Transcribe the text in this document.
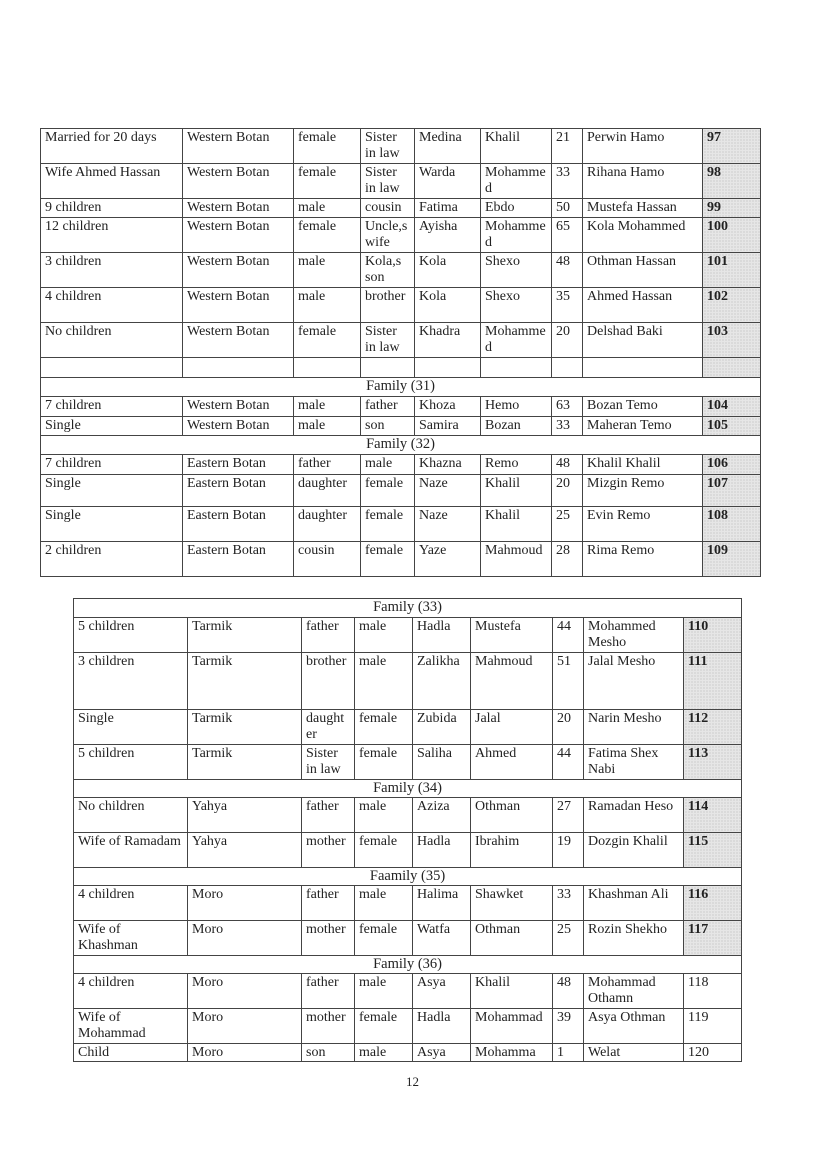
Married for 20 days	Western Botan	female	Sister in law	Medina	Khalil	21	Perwin Hamo	97
Wife Ahmed Hassan	Western Botan	female	Sister in law	Warda	Mohammed	33	Rihana Hamo	98
9 children	Western Botan	male	cousin	Fatima	Ebdo	50	Mustefa Hassan	99
12 children	Western Botan	female	Uncle,s wife	Ayisha	Mohammed	65	Kola Mohammed	100
3 children	Western Botan	male	Kola,s son	Kola	Shexo	48	Othman Hassan	101
4 children	Western Botan	male	brother	Kola	Shexo	35	Ahmed Hassan	102
No children	Western Botan	female	Sister in law	Khadra	Mohammed	20	Delshad Baki	103

Family (31)								
7 children	Western Botan	male	father	Khoza	Hemo	63	Bozan Temo	104
Single	Western Botan	male	son	Samira	Bozan	33	Maheran Temo	105
Family (32)								
7 children	Eastern Botan	father	male	Khazna	Remo	48	Khalil Khalil	106
Single	Eastern Botan	daughter	female	Naze	Khalil	20	Mizgin Remo	107
Single	Eastern Botan	daughter	female	Naze	Khalil	25	Evin Remo	108
2 children	Eastern Botan	cousin	female	Yaze	Mahmoud	28	Rima Remo	109
Family (33)								
5 children	Tarmik	father	male	Hadla	Mustefa	44	Mohammed Mesho	110
3 children	Tarmik	brother	male	Zalikha	Mahmoud	51	Jalal Mesho	111
Single	Tarmik	daughter	female	Zubida	Jalal	20	Narin Mesho	112
5 children	Tarmik	Sister in law	female	Saliha	Ahmed	44	Fatima Shex Nabi	113
Family (34)								
No children	Yahya	father	male	Aziza	Othman	27	Ramadan Heso	114
Wife of Ramadam	Yahya	mother	female	Hadla	Ibrahim	19	Dozgin Khalil	115
Faamily (35)								
4 children	Moro	father	male	Halima	Shawket	33	Khashman Ali	116
Wife of Khashman	Moro	mother	female	Watfa	Othman	25	Rozin Shekho	117
Family (36)								
4 children	Moro	father	male	Asya	Khalil	48	Mohammad Othamn	118
Wife of Mohammad	Moro	mother	female	Hadla	Mohammad	39	Asya Othman	119
Child	Moro	son	male	Asya	Mohamma	1	Welat	120
12
